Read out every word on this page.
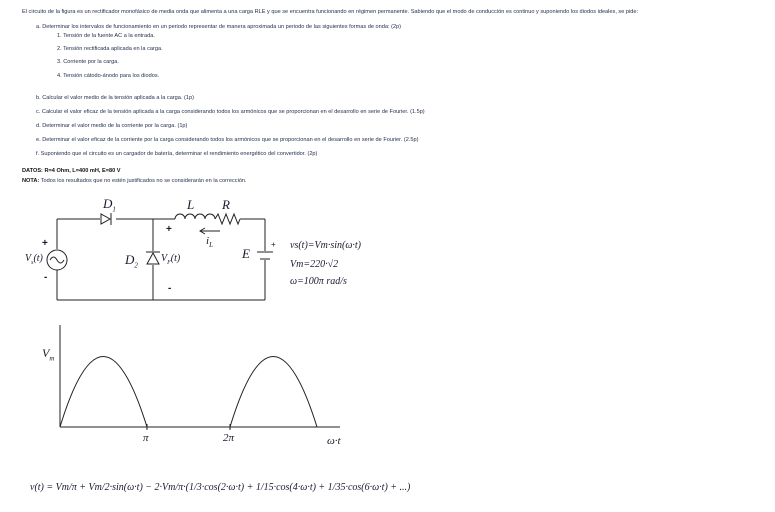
El circuito de la figura es un rectificador monofásico de media onda que alimenta a una carga RLE y que se encuentra funcionando en régimen permanente. Sabiendo que el modo de conducción es continuo y suponiendo los diodos ideales, se pide:
a. Determinar los intervalos de funcionamiento en un periodo representar de manera aproximada un periodo de las siguientes formas de onda: (2p)
1. Tensión de la fuente AC a la entrada.
2. Tensión rectificada aplicada en la carga.
3. Corriente por la carga.
4. Tensión cátodo-ánodo para los diodos.
b. Calcular el valor medio de la tensión aplicada a la carga. (1p)
c. Calcular el valor eficaz de la tensión aplicada a la carga considerando todos los armónicos que se proporcionan en el desarrollo en serie de Fourier. (1.5p)
d. Determinar el valor medio de la corriente por la carga. (1p)
e. Determinar el valor eficaz de la corriente por la carga considerando todos los armónicos que se proporcionan en el desarrollo en serie de Fourier. (2.5p)
f. Suponiendo que el circuito es un cargador de batería, determinar el rendimiento energético del convertidor. (2p)
DATOS: R=4 Ohm, L=400 mH, E=80 V
NOTA: Todos los resultados que no estén justificados no se considerarán en la corrección.
$D_1$	L R
$i_L$
E
$V_s(t)$	$D_2$
$V_F(t)$
+
-
+
-
+ vs(t)=Vm·sin(ω·t)
Vm=220·√2
ω=100π rad/s
$V_m$
π	2π	ω·t
v(t) = Vm/π + Vm/2·sin(ω·t) − 2·Vm/π·(1/3·cos(2·ω·t) + 1/15·cos(4·ω·t) + 1/35·cos(6·ω·t) + ...)
